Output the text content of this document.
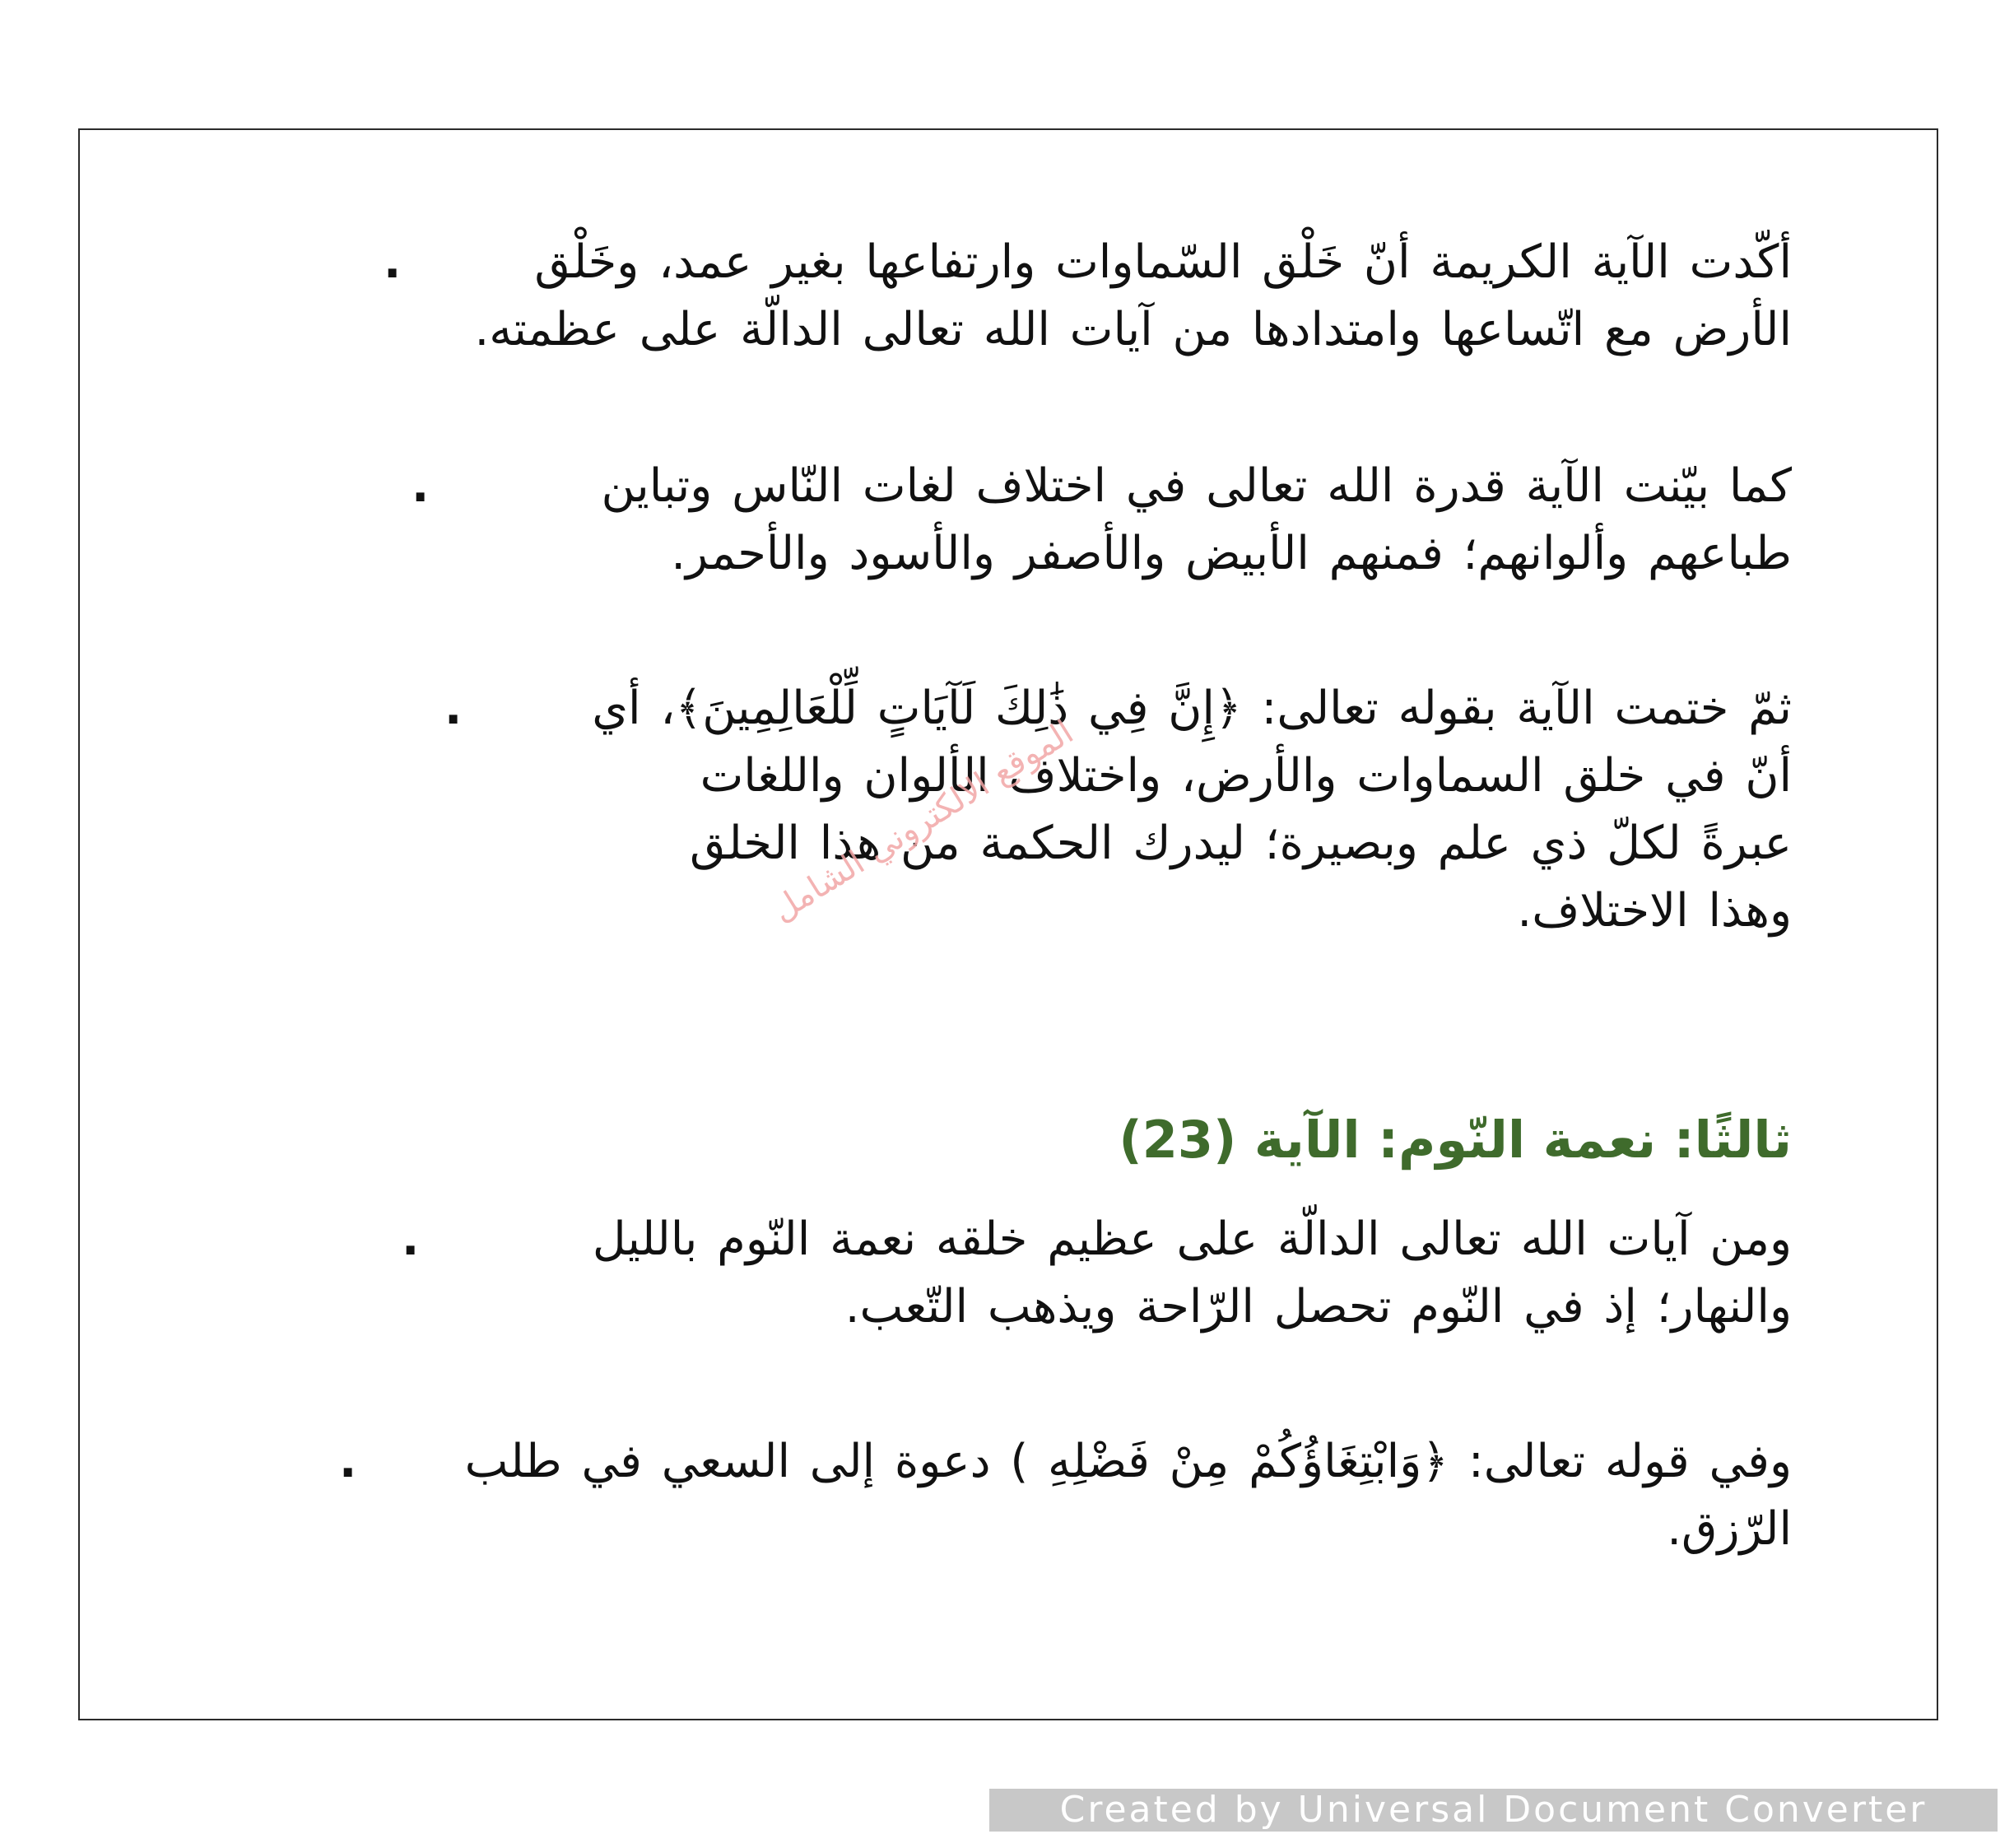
.	أكّدت الآية الكريمة أنّ خَلْق السّماوات وارتفاعها بغير عمد، وخَلْق الأرض مع اتّساعها وامتدادها من آيات الله تعالى الدالّة على عظمته.
.	كما بيّنت الآية قدرة الله تعالى في اختلاف لغات النّاس وتباين طباعهم وألوانهم؛ فمنهم الأبيض والأصفر والأسود والأحمر.
.	ثمّ ختمت الآية بقوله تعالى: ﴿إِنَّ فِي ذَٰلِكَ لَآيَاتٍ لِّلْعَالِمِينَ﴾، أي أنّ في خلق السماوات والأرض، واختلاف الألوان واللغات عبرةً لكلّ ذي علم وبصيرة؛ ليدرك الحكمة من هذا الخلق وهذا الاختلاف.
الموقع الالكتروني الشامل
ثالثًا: نعمة النّوم: الآية (23)
.	ومن آيات الله تعالى الدالّة على عظيم خلقه نعمة النّوم بالليل والنهار؛ إذ في النّوم تحصل الرّاحة ويذهب التّعب.
.	وفي قوله تعالى: ﴿وَابْتِغَاؤُكُمْ مِنْ فَضْلِهِ ) دعوة إلى السعي في طلب الرّزق.
Created by Universal Document Converter
